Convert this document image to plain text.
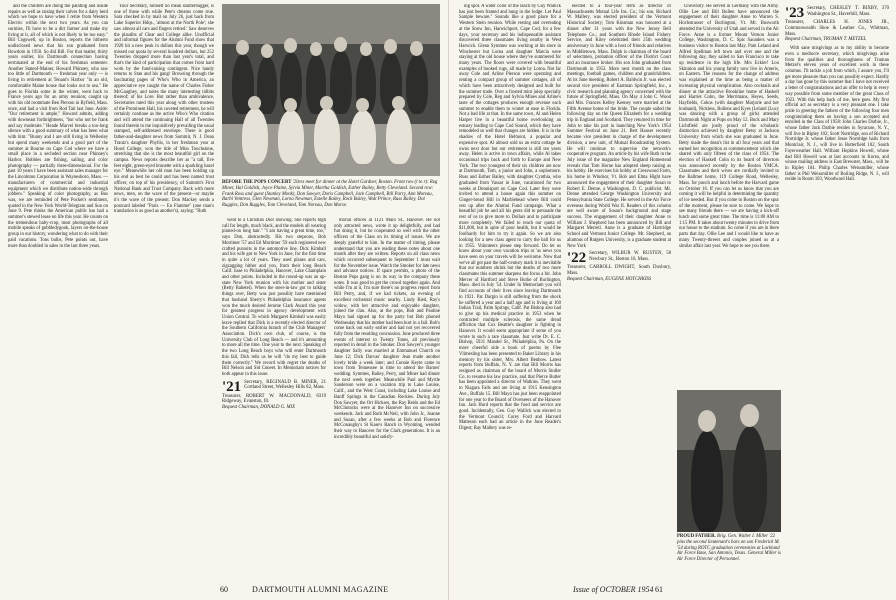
and the children are doing the painting and inside repairs as well as raising their calves for a dairy herd which we hope to have when I retire from Western Electric within the next two years. As you can surmise, I'll have to be a dirt farmer and make my living at it, all of which is not likely to be too easy." Bill Cogswell, up in Boston, reports the hitherto undisclosed news that his son graduated from Bowdoin in 1950. So did Bill. For that matter, thirty years earlier, his Dartmouth connection having terminated at the end of his freshman semester. Another Stateof-Mainer, Howard Phinney, who saw too little of Dartmouth — freshman year only — is living in retirement at Tenant's Harbor "in an old, comfortable Maine house that looks out to sea." He goes to Florida some in the winter, went back to France years ago for an army reunion; caught up with his old roommate Ben Pierson in Byfield, Mass. once, and had a visit from Rod Tait last June. Aside: "Our retirement is ample," Howard admits, adding with downeast forthrightness, "but who not be frank and say moderate." Heade Marvel breaks a too-long silence with a good summary of what has been what with him: "Bunny and I are still living in Wellesley but spend many weekends and a good part of the summer at Bourne on Cape Cod where we have a small place in a secluded section near Phinney's Harbor. Hobbies are fishing, sailing, and color photography — partially three-dimensional. For the past 10 years I have been assistant sales manager for the Lincolnton Corporation in Waynesboro, Mass. — manufacturers of commercial and industrial equipment which we distribute nation-wide through jobbers." Speaking of color photography, as Bus was, we are reminded of Pete Pocket's sentiment, quoted in the New York World-Telegram and Sun on June 9. Pete thinks the American public has had a summer's stewed lease on life this year. He counts on the tremendous baby-crop, most photographs of all mobile speaks of gobbledygook, layers on-the-house group in our history, wondering what to do with their paid vacations. Tons bulbs, Pete points out, have more than doubled in sales in the last three years.

Your Secretary, himself no mean shutterbugger, is one of those with while Pete's dreams come true. Sara checked in by mail on July 26, just back from Lake Superior Hdqs., 'almost at the North Pole'; she saw almost all cars and fingers retired.' Saw deserves the plaudits of Clear and College alike. Unofficial and informal figures for the Alumni Fund show that 1920 hit a new peak in dollars this year, though we missed our quota by several hundred dollars, but 252 Twenties dropped more than last year's total, and that's the kind of participation that comes from hard work by the fund-raising contingent. Nice handy returns to Stan and his gang! Browsing through the fascinating pages of Who's Who in America, an appreciative eye caught the name of Charles Fisher McGaughey, and notes the many interesting tidbits thereof; of his Lore. But rather than ambivalence, Secretaries rated this year along with other trustees of the Prominent Hall, his coveted retirement, he will certainly continue as the active Who's Who citation and will attend the continuing Hall of all Twenties found therein to me inquisitively prevailing the usual stamped, self-addressed envelope. There is good father-and-daughter news from Summit, N. J. Dean Trautz's daughter Phyllis, in her freshman year at Hood College, won the title of Miss Touchstone, stretching that she is the most beautiful girl on the campus. News reports describe her as "a tall, five feet eight, green-eyed brunette with a sparkling hazel eye." Meanwhile her old man has been holding up his end as best he could and has been named trust officer, on top of his presidency, of Summit's First National Bank and Trust Company. Back with more news, men, on the wave of the present—or maybe it's the wave of the present. Don Mackey sends a postcard labeled "Paris — En Flamme" (one man's translation is as good as another's), saying: "Ruth

BEFORE THE POPS CONCERT '20ers meet for dinner at the Hotel Gardner, Boston. Front row (l to r): Reg Miner, Hal Goldish, Joyce Plaine, Sylvia Miner, Martha Goldish, Esther Bailey, Betty Cleveland. Second row: Frank Ross and guest (Stanley Monk), Don Sawyer, Doris Campbell, Jack Campbell, Bill Parry, Ann Moreau, Barbi Ventress, Glen Newman, Lorna Newman, Estelle Bailey, Rock Bailey, Walt Prince, Russ Bailey, Dot Ruggles, Don Ruggles, Tom Cleveland, Tom Noreau, Don Morse.

went to a Christian Dior showing. She reports high call for length, much black, and the models all wearing pinned-on long hair." "I am having a great time, too," says Don, abstractedly. His two stepsons, Bob Mortimer '57 and Ed Mortimer '59 each registered new crafted pursuits in the automotive line. Dick Kimball and his wife got to New York in June, for the first time in quite a lot of years. They used planes and cars, zigzagging hither and yon, from their long Beach Calif. base to Philadelphia, Hanover, Lake Champlain and other points. Included in the round-up was an up-state New York reunion with his mother and sister (Betty Babetel). When the steer-in-law got to talking things over, Betty was just possibly have mentioned that husband Sherry's Philadelphia insurance agents won the much desired Jerome Clark Award this year for greatest progress in agency development with Union Central. To which Margaret Kimball was easily leave replied that Dick is a recently elected director of the Southern California branch of the Club Managers' Association. Dick's own club, of course, is the University Club of Long Beach — and it's amounting to more all the time. One year to the next. Speaking of the two Long Beach boys who will enter Dartmouth this fall, Dick tells us he will "do my best to guide them correctly." We record with regret the deaths of Bill Nelson and Sid Coneet. In Memoriam notices for both appear in this issue.

'21 Secretary, REGINALD B. MINER, 21 Cortland Street, Wellesley Hills 82, Mass.
Treasurer, ROBERT W. MACDONALD, 8319 Ridgeway, Evanston, Ill.
Bequest Chairman, DONALD G. MIX

morial offices at 1121 Main St., Hanover. He not only attracted news, wrote it up delightfully, and had fun doing it, but he cooperated so well with the other officers of the Class on its timing of issues. We are deeply grateful to him. In the matter of timing, please understand that you are reading these notes about one month after they are written. Reports on all class news which occurred subsequent to September 1 must wait for the November issue. Watch the Smoker for late news and advance notices. If space permits, a photo of the Boston Pops gang is on its way in the company these notes. It was good to get the crowd together again. And while I'm at it, I'm sure there's no progress report from Bill Perry, and, if we had tickets, an evening of excellent orchestral music nearby. Lindy Ried, Ray's widow, with her attractive and enjoyable daughter, joined the clan. Also, at the pops, Bob and Pauline Mayo had signed up for the party but Bob phoned Wednesday that his mother had been hurt in a fall. Bob's come back out early earlier and had not yet recovered fully from the resulting concussion. June produced three events of interest to Twenty Tones, all previously reported in detail in the Smoker. Don Sawyer's younger daughter Sally was married at Emmanuel Church on June 12; Dick Darvas' daughter Jean made another lovely bride a week later; and Connie Keyte came to town from Tennessee in time to attend the Barnes' wedding. Symmes, Bailey, Perry, and Miner had dinner the next week together. Meanwhile Paul and Myrtle Sanderson were on a vacation trip to Lake Louise, Calif., and the West Coast, including Lake Louise and Banff Springs in the Canadian Rockies. During July Don Sawyer, the Ort Hickses, the Ray Reids and the Ed McClintocks were at the Hanover Inn on successive weekends. Jack and Ruth McNeil, with John Jr., Joanne and Susan, after a few weeks at Bob and Florence McConaughy's St Kase's Ranch in Wyoming, wended their way to Hanover for the Clark generations. It is an incredibly beautiful and satisfy-

60	DARTMOUTH ALUMNI MAGAZINE

ing spot. A water color of the ranch by Guy Wallick has just been framed and hung in the lodge. Let Paul Sample beware." Sounds like a good place for a Western Stein reunion. While resting and overeating at the Snow Inn, Harwichport, Cape Cod, for a few days, your secretary and his indispensable assistant discovered three classmates living nearby in West Harwich. Glenn Symmes was working at his store in Winchester but Lorna and daughter Marcia were staying at the old house where they've summered for many years. The floors were covered with beautiful examples of hooked rugs, all made by Lorna. Not far away Cole and Arline Pierson were operating and renting a compact group of summer cottages, all of which have been attractively designed and built for the summer trade. Over a frosted mint julep specially prepared by Cole, Reg and Sylvia Mines and Arline's taste of the cottages produces enough revenue each summer to enable them to winter at ease in Florida. Not a bad life at that. In the same town, Al and Helen Harper live in a beautiful home overlooking an estuary leading to Cape Cod Sound, which they have remodeled so well that changes are hidden. It is in the shadow of the Hotel Belmont, a popular and expensive spot. Al almost sold us an extra cottage he owns next door but our retirement is still ten years away. Helen is active in town affairs, while Al takes occasional trips back and forth to Europe and New York. The two youngest of their six children are now at Dartmouth, Tom, a junior and John, a sophomore. Russ and Esther Bailey, with daughter Cynthia, who graduated from Vassar in June, vacationed for two weeks at Dennisport on Cape Cod. Later they were invited to attend a house again this summer on Ginger-bread Hill in Marblehead where Bill could rest up after the Alumni Fund campaign. What a beautiful job he and all his gents did to persuade the rest of us to give more to Dollars and to participate more completely. We failed to reach our quota of $11,000, but in spite of poor health, but it would be foolhardy for him to try it again. So we are also looking for a new class agent to carry the ball for us in 1955. Volunteers please step forward. Do let us know about your own vacation trips or 'as news you have seen on your travels will be welcome. Now that we've all got past the half-century mark it is inevitable that our numbers shrink but the deaths of two more classmates this summer sharpens the focus a bit. John Mercer of Hartford and Steve Burke of Burlington, Mass. died in July '54. Under In Memoriam you will find accounts of their lives since leaving Dartmouth in 1921. Pat Durgin is still suffering from the shock he suffered a year and a half ago and is living at 160 Indian Trail, Palm Springs, Calif. Pat Bishop also had to give up his medical practice in 1953 when he contracted multiple sclerosis, the same dread affliction that Cox Beattie's daughter is fighting in Hanover. It would seem appropriate if some of you wrote to such a rare classmate. Just write Dr. E. C. Bishop, 5931 Mandel St., Philadelphia, Pa. On the more cheerful side a book of poems by Flee Vlimesling has been presented to Baker Library in his memory by his sister, Mrs. Albert Benbow. Latest reports from Buffalo, N. Y. are that Bill Morris has resigned as chairman of the board of Morris Stuller Co. to resume his law practice, and that Pierce Butler has been appointed a director of Watkins. They went to Niagara Falls and are living at 1915 Kensington Ave., Buffalo 15. Bill Mayo has just been reappointed for one year to the Board of Overseers of the Hanover Inn. Jack Hurd reports that the food and service are good. Incidentally, Gen. Guy Wallick was elected to the Vermont Council; Corey Ford and Harvard Matteson each had an article in the June Reader's Digest; Ray Mallery was re-

elected to a four-year term as director of Massachusetts Mutual Life Ins. Co.; his son, Richard W. Mallery, was elected president of the Vermont Historical Society; Tom Kinsman was honored at a dinner after 31 years with the New Jersey Bell Telephone Co.; and Southern Rhode Island Fishery Service, and Kiley celebrated their 25th wedding anniversary in June with a host of friends and relatives in Middletown, Mass. Dolph is chairman of the board of selectmen, probation officer of the District Court and an insurance broker. His son John graduated from Dartmouth in 1953. More next month on the class meetings, football games, children and grandchildren. At its June meeting, Robert A. Baldwin Jr. was elected second vice president of Eastman Springfield, Inc., a civic research and planning agency concerned with the future of Springfield, Mass. On May 4 John C. Wood and Mrs. Frances Kelley Keeney were married at the Fifth Avenue home of the bride. The couple sailed the following day on the Queen Elizabeth for a wedding trip in England and Scotland. They returned in time for John to take his part in launching New York's 1954 Summer Festival on June 21. Bert Hauser recently became vice president in charge of the development division, a new unit, of Mutual Broadcasting System. He will continue to supervise the network's cooperative program. An article by his wife Ruth in the July issue of the magazine New England Homestead reveals that Tom Horne has adopted sheep raising as his hobby. He exercises his hobby at Cresswood Farm, his home in Windsor, Vt. Bob and Elma Hight have announced the engagement of their daughter Susan to Robert E. Denne, a Washington, D. C. publicist. Mr. Denne attended George Washington University and Pennsylvania State College. He served in the Air Force overseas during World War II. Readers of this column are well aware of Susan's background and stage success. The engagement of their daughter Anne to William J. Shepherd has been announced by Bill and Margaret Merrell. Anne is a graduate of Hartridge School and Vermont Junior College. Mr. Shepherd, an alumnus of Rutgers University, is a graduate student at New York

'22 Secretary, WILBUR W. RUSTEN, 58 Newbury St., Boston 16, Mass.
Treasurer, CARROLL DWIGHT, South Duxbury, Mass.
Bequest Chairman, EUGENE HOTCHKISS

University. He served in Germany with the Army. Ollie Lee and Bill Bullen have announced the engagement of their daughter Anne to Warren S. Hochstrasser of Burlington, Vt. Mr. Bosworth attended the University of Utah and served in the Air Force. Anne is a former Mount Vernon Junior College, Washington, D. C. Spic Saunders was a business visitor to Boston last May. Pam Leland and Alfred Spellman left town and over one and the following day, they sailed to San Francisco to take up residence in the high life. Mrs Eckler! Lou Skinnion and his young family now live in Ameris, on Eastern. The reasons for the change of address was explained at the time as being a matter of increasing physical complication. Also cocktails and dinner at the attractive Brookline home of Haskell and Harriet Cohn, the Merrimans, Heyes, Seeds, Hayfields, Cohns (with daughter Marjorie and her husband), Nickless, Bullens and Kyes (Leland (Lucy was dancing with a group of girls) attended Dartmouth Night at Pops on May 12. Buck and Mary Lichtfield are justly proud of the scholastic distinction achieved by daughter Betsy at Jackson University from which she was graduated in June. Betty made the dean's list in all four years and that earned her recognition at commencement which she shared with only fifteen of the class of 1954. The election of Haskell Cohn to its board of directors was announced recently by the Boston YMCA. Classmates and their wives are cordially invited to the Ballmer home, 119 College Road, Wellesley, Mass. for punch and lunch before the Harvard game on October 16. If you can let us know that you are coming it will be helpful in determining the quantity of ice needed. But if you come to Boston on the spur of the moment, please be sure to come. We hope to see many friends there — we are having a kick-off lunch and some great time. The time is 11:00 AM to 1:15 PM. It takes about twenty minutes to drive from our house to the stadium. So come if you are in there parts that day. Ollie Lee and I would like to have as many Twenty-threers and couples joined us at a similar affair last year. We hope to see you there.

'23 Secretary, CHESLEY T. BIXBY, 370 Washington St., Haverhill, Mass.
Treasurer, CHARLES H. JONES JR., Commonwealth Shoe & Leather Co., Whitman, Mass.
Bequest Chairman, TRUMAN T. METZEL

With sane misgivings as to my ability to become even a mediocre secretary, which misgivings arise from the qualities and thoroughness of Truman Metzel's eleven years of excellent work in these columns. I'll tackle a job from which, I assure you, I'll get more pleasure than you can possibly expect. Hardly a day has gone by this summer that I have not received a letter of congratulations and an offer to help in every way possible from some member of the great Class of 1923. With this help back of me, here goes. My first official act as secretary is a very pleasant one. I take pride in greeting the fathers of the following four men congratulating them on having a son accepted and enrolled in the Class of 1958: John Charles Darbie, Jr., whose father Jack Darbie resides in Syracuse, N. Y., will live in Ripley 102; Scott Nortridge, son of Richard Nortridge Jr. whose father Jesse Nortridge hails from Montclair, N. J., will live in Butterfield 102, South Fayerweather Hall. William Hopkins Howell, whose dad Bill Howell was at last accounts in Korea, and whose mailing address is East Brewster, Mass., will be in Ripley 104. Philip Charles Weissmiller, whose father is Phil Weissmiller of Boiling Ridge, N. J., will reside in Room 103, Woodward Hall.

PROUD FATHER. Brig. Gen. Walter I. Miller '22 pins the second lieutenant's bars on son Frederick M. '54 during ROTC graduation ceremonies at Lackland Air Force Base, San Antonio, Texas. General Miller is Air Force Director of Personnel.
Issue of OCTOBER 1954 61
